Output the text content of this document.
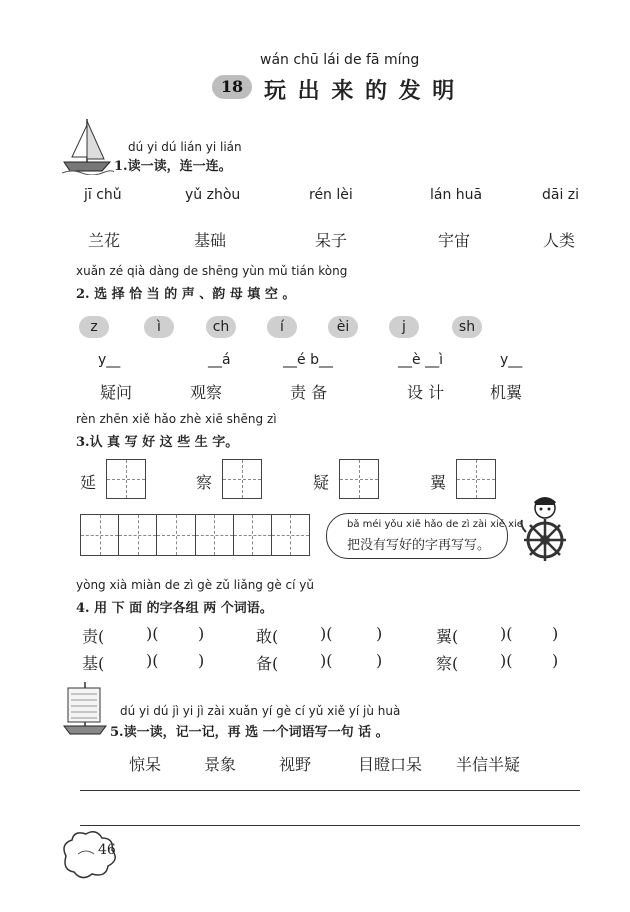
wán chū lái de fā míng
18 玩 出 来 的 发 明
dú yi dú lián yi lián
1.读一读，连一连。
jī chǔ	yǔ zhòu	rén lèi	lán huā	dāi zi
兰花	基础	呆子	宇宙	人类
xuǎn zé qià dàng de shēng yùn mǔ tián kòng
2. 选 择 恰 当 的 声 、韵 母 填 空 。
z	ì	ch	í	èi	j	sh
y__	__á	__é b__	__è __ì	y__
疑问	观察	责 备	设 计	机翼
rèn zhēn xiě hǎo zhè xiē shēng zì
3.认 真 写 好 这 些 生 字。
延	察	疑	翼
bǎ méi yǒu xiě hǎo de zì zài xiě xie
把没有写好的字再写写。
yòng xià miàn de zì gè zǔ liǎng gè cí yǔ
4. 用 下 面 的字各组 两 个词语。
责(	)( )	敢(	)(	)	翼(	)( )
基(	)( )	备(	)(	)	察(	)( )
dú yi dú jì yi jì zài xuǎn yí gè cí yǔ xiě yí jù huà
5.读一读，记一记，再 选 一个词语写一句 话 。
惊呆	景象	视野	目瞪口呆 半信半疑
46
